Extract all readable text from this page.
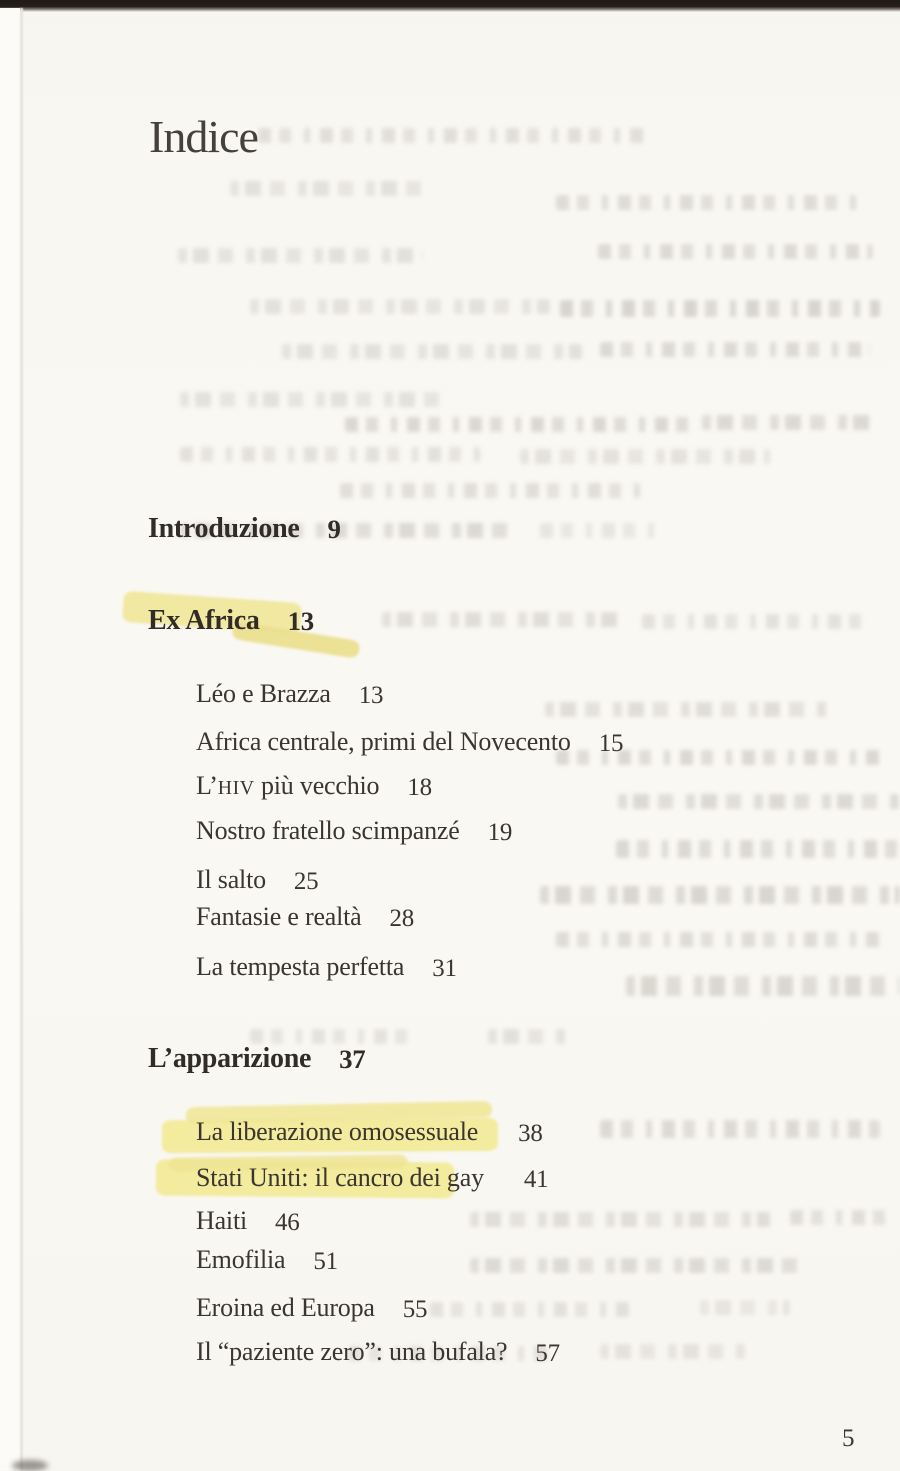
Indice
Introduzione 9
Ex Africa 13
Léo e Brazza 13
Africa centrale, primi del Novecento 15
L’HIV più vecchio 18
Nostro fratello scimpanzé 19
Il salto 25
Fantasie e realtà 28
La tempesta perfetta 31
L’apparizione 37
La liberazione omosessuale 38
Stati Uniti: il cancro dei gay 41
Haiti 46
Emofilia 51
Eroina ed Europa 55
Il “paziente zero”: una bufala? 57
5
